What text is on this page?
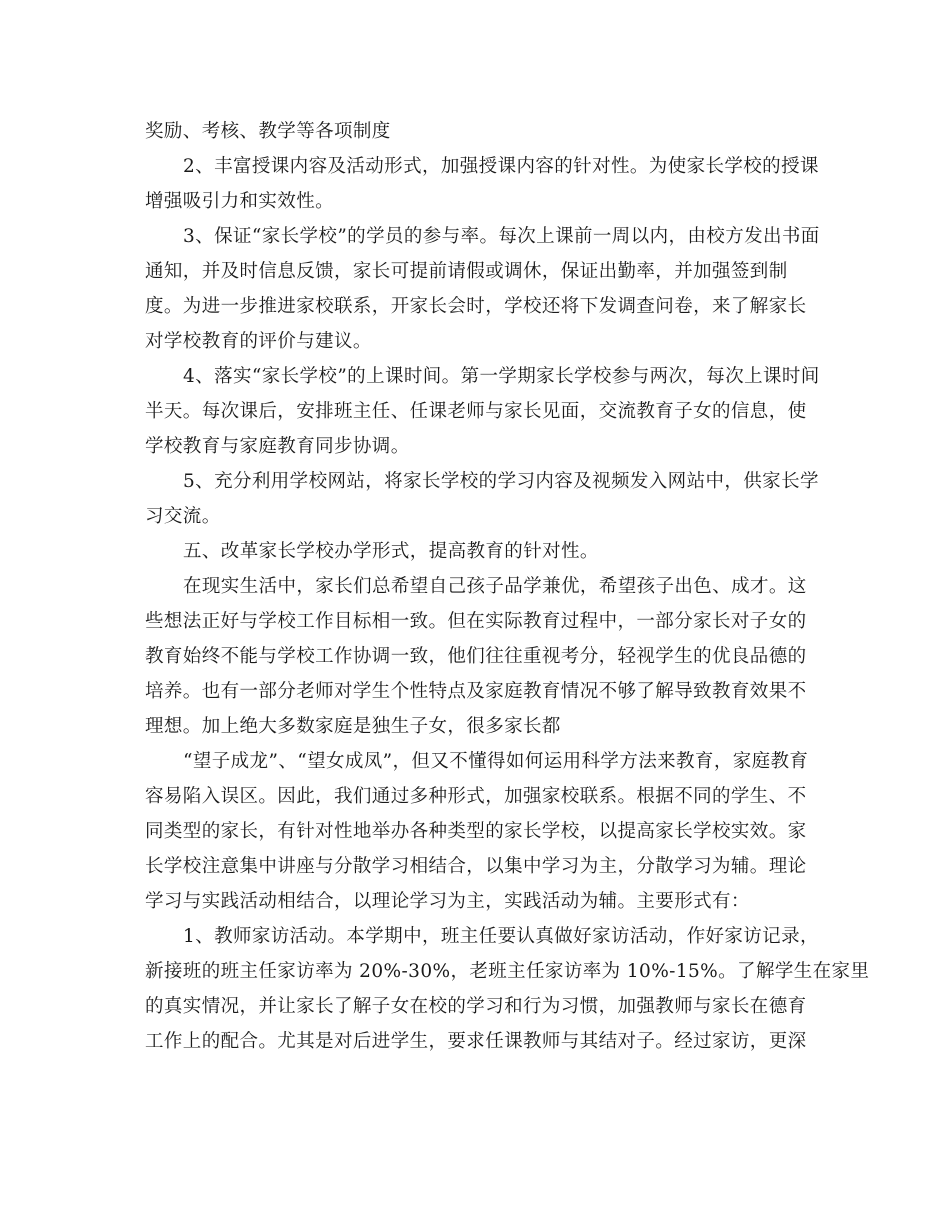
奖励、考核、教学等各项制度
2、丰富授课内容及活动形式，加强授课内容的针对性。为使家长学校的授课
增强吸引力和实效性。
3、保证“家长学校”的学员的参与率。每次上课前一周以内，由校方发出书面
通知，并及时信息反馈，家长可提前请假或调休，保证出勤率，并加强签到制
度。为进一步推进家校联系，开家长会时，学校还将下发调查问卷，来了解家长
对学校教育的评价与建议。
4、落实“家长学校”的上课时间。第一学期家长学校参与两次，每次上课时间
半天。每次课后，安排班主任、任课老师与家长见面，交流教育子女的信息，使
学校教育与家庭教育同步协调。
5、充分利用学校网站，将家长学校的学习内容及视频发入网站中，供家长学
习交流。
五、改革家长学校办学形式，提高教育的针对性。
在现实生活中，家长们总希望自己孩子品学兼优，希望孩子出色、成才。这
些想法正好与学校工作目标相一致。但在实际教育过程中，一部分家长对子女的
教育始终不能与学校工作协调一致，他们往往重视考分，轻视学生的优良品德的
培养。也有一部分老师对学生个性特点及家庭教育情况不够了解导致教育效果不
理想。加上绝大多数家庭是独生子女，很多家长都
“望子成龙”、“望女成凤”，但又不懂得如何运用科学方法来教育，家庭教育
容易陷入误区。因此，我们通过多种形式，加强家校联系。根据不同的学生、不
同类型的家长，有针对性地举办各种类型的家长学校，以提高家长学校实效。家
长学校注意集中讲座与分散学习相结合，以集中学习为主，分散学习为辅。理论
学习与实践活动相结合，以理论学习为主，实践活动为辅。主要形式有：
1、教师家访活动。本学期中，班主任要认真做好家访活动，作好家访记录，
新接班的班主任家访率为 20%-30%，老班主任家访率为 10%-15%。了解学生在家里
的真实情况，并让家长了解子女在校的学习和行为习惯，加强教师与家长在德育
工作上的配合。尤其是对后进学生，要求任课教师与其结对子。经过家访，更深
